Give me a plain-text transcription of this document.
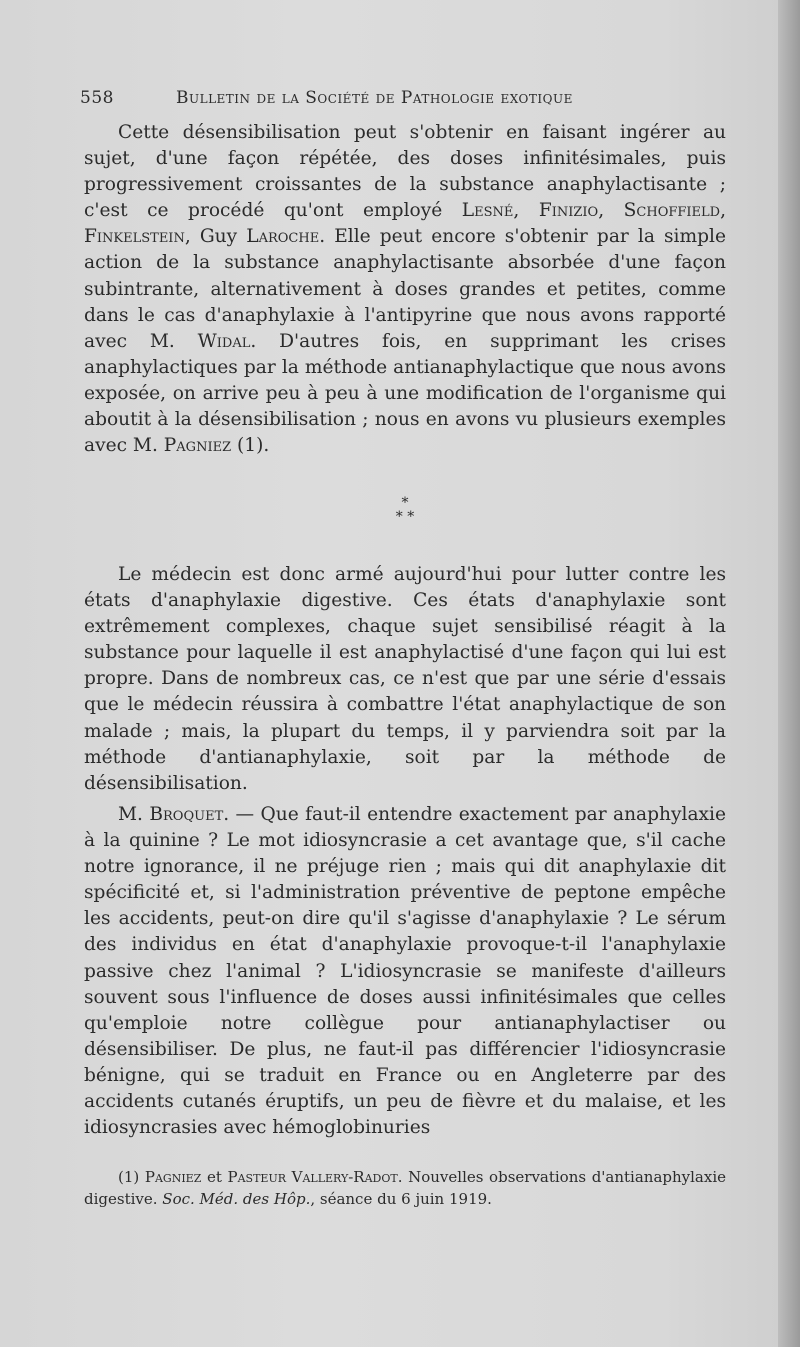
558	Bulletin de la Société de Pathologie exotique

Cette désensibilisation peut s'obtenir en faisant ingérer au sujet, d'une façon répétée, des doses infinitésimales, puis progressivement croissantes de la substance anaphylactisante ; c'est ce procédé qu'ont employé Lesné, Finizio, Schoffield, Finkelstein, Guy Laroche. Elle peut encore s'obtenir par la simple action de la substance anaphylactisante absorbée d'une façon subintrante, alternativement à doses grandes et petites, comme dans le cas d'anaphylaxie à l'antipyrine que nous avons rapporté avec M. Widal. D'autres fois, en supprimant les crises anaphylactiques par la méthode antianaphylactique que nous avons exposée, on arrive peu à peu à une modification de l'organisme qui aboutit à la désensibilisation ; nous en avons vu plusieurs exemples avec M. Pagniez (1).

*
* *

Le médecin est donc armé aujourd'hui pour lutter contre les états d'anaphylaxie digestive. Ces états d'anaphylaxie sont extrêmement complexes, chaque sujet sensibilisé réagit à la substance pour laquelle il est anaphylactisé d'une façon qui lui est propre. Dans de nombreux cas, ce n'est que par une série d'essais que le médecin réussira à combattre l'état anaphylactique de son malade ; mais, la plupart du temps, il y parviendra soit par la méthode d'antianaphylaxie, soit par la méthode de désensibilisation.

M. Broquet. — Que faut-il entendre exactement par anaphylaxie à la quinine ? Le mot idiosyncrasie a cet avantage que, s'il cache notre ignorance, il ne préjuge rien ; mais qui dit anaphylaxie dit spécificité et, si l'administration préventive de peptone empêche les accidents, peut-on dire qu'il s'agisse d'anaphylaxie ? Le sérum des individus en état d'anaphylaxie provoque-t-il l'anaphylaxie passive chez l'animal ? L'idiosyncrasie se manifeste d'ailleurs souvent sous l'influence de doses aussi infinitésimales que celles qu'emploie notre collègue pour antianaphylactiser ou désensibiliser. De plus, ne faut-il pas différencier l'idiosyncrasie bénigne, qui se traduit en France ou en Angleterre par des accidents cutanés éruptifs, un peu de fièvre et du malaise, et les idiosyncrasies avec hémoglobinuries

(1) Pagniez et Pasteur Vallery-Radot. Nouvelles observations d'antianaphylaxie digestive. Soc. Méd. des Hôp., séance du 6 juin 1919.
